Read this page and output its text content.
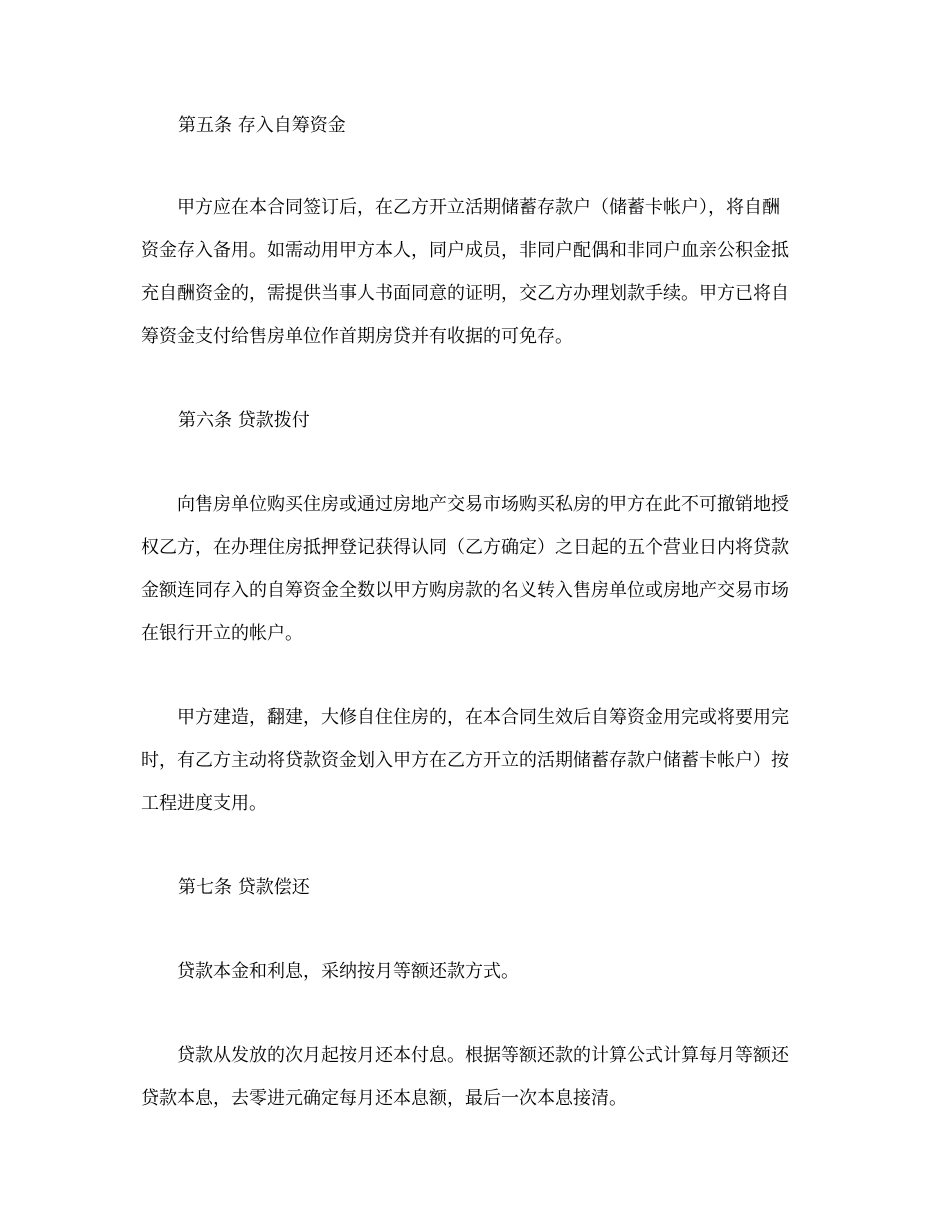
第五条 存入自筹资金
　　甲方应在本合同签订后，在乙方开立活期储蓄存款户（储蓄卡帐户），将自酬
资金存入备用。如需动用甲方本人，同户成员，非同户配偶和非同户血亲公积金抵
充自酬资金的，需提供当事人书面同意的证明，交乙方办理划款手续。甲方已将自
筹资金支付给售房单位作首期房贷并有收据的可免存。
第六条 贷款拨付
　　向售房单位购买住房或通过房地产交易市场购买私房的甲方在此不可撤销地授
权乙方，在办理住房抵押登记获得认同（乙方确定）之日起的五个营业日内将贷款
金额连同存入的自筹资金全数以甲方购房款的名义转入售房单位或房地产交易市场
在银行开立的帐户。
　　甲方建造，翻建，大修自住住房的，在本合同生效后自筹资金用完或将要用完
时，有乙方主动将贷款资金划入甲方在乙方开立的活期储蓄存款户储蓄卡帐户）按
工程进度支用。
第七条 贷款偿还
　　贷款本金和利息，采纳按月等额还款方式。
　　贷款从发放的次月起按月还本付息。根据等额还款的计算公式计算每月等额还
贷款本息，去零进元确定每月还本息额，最后一次本息接清。
